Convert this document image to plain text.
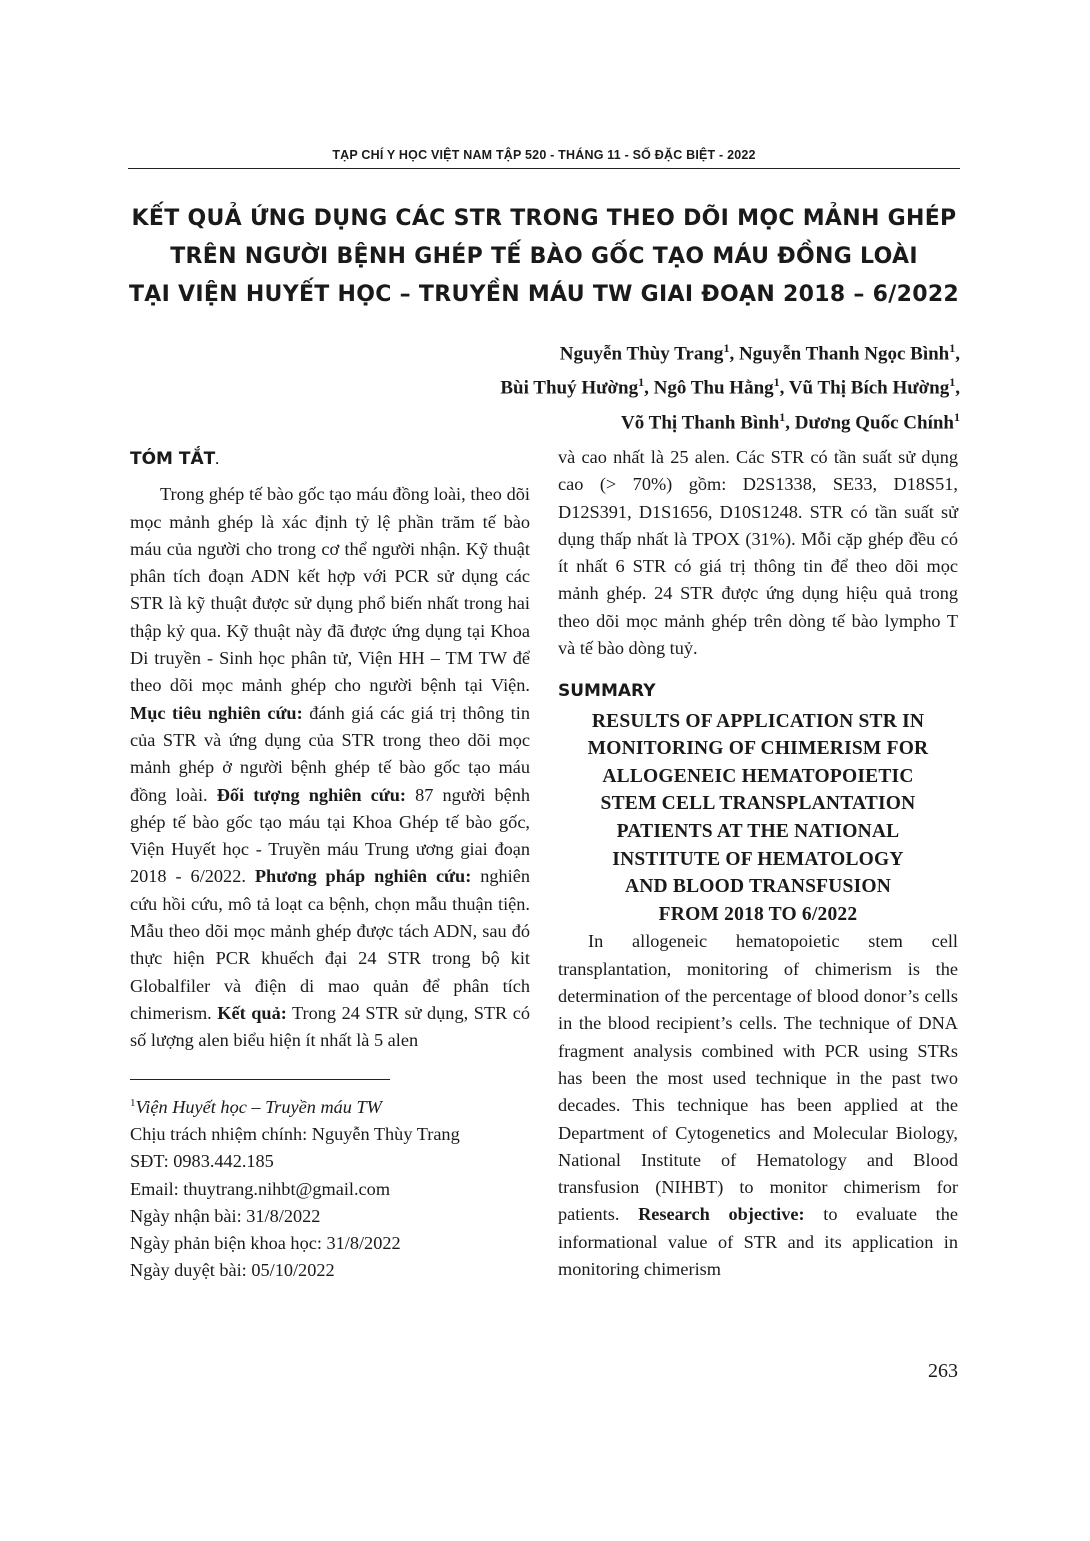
TẠP CHÍ Y HỌC VIỆT NAM TẬP 520 - THÁNG 11 - SỐ ĐẶC BIỆT - 2022
KẾT QUẢ ỨNG DỤNG CÁC STR TRONG THEO DÕI MỌC MẢNH GHÉP
TRÊN NGƯỜI BỆNH GHÉP TẾ BÀO GỐC TẠO MÁU ĐỒNG LOÀI
TẠI VIỆN HUYẾT HỌC – TRUYỀN MÁU TW GIAI ĐOẠN 2018 – 6/2022
Nguyễn Thùy Trang$^1$, Nguyễn Thanh Ngọc Bình$^1$,
Bùi Thuý Hường$^1$, Ngô Thu Hằng$^1$, Vũ Thị Bích Hường$^1$,
Võ Thị Thanh Bình$^1$, Dương Quốc Chính$^1$
TÓM TẮT.

Trong ghép tế bào gốc tạo máu đồng loài, theo dõi mọc mảnh ghép là xác định tỷ lệ phần trăm tế bào máu của người cho trong cơ thể người nhận. Kỹ thuật phân tích đoạn ADN kết hợp với PCR sử dụng các STR là kỹ thuật được sử dụng phổ biến nhất trong hai thập kỷ qua. Kỹ thuật này đã được ứng dụng tại Khoa Di truyền - Sinh học phân tử, Viện HH – TM TW để theo dõi mọc mảnh ghép cho người bệnh tại Viện. Mục tiêu nghiên cứu: đánh giá các giá trị thông tin của STR và ứng dụng của STR trong theo dõi mọc mảnh ghép ở người bệnh ghép tế bào gốc tạo máu đồng loài. Đối tượng nghiên cứu: 87 người bệnh ghép tế bào gốc tạo máu tại Khoa Ghép tế bào gốc, Viện Huyết học - Truyền máu Trung ương giai đoạn 2018 - 6/2022. Phương pháp nghiên cứu: nghiên cứu hồi cứu, mô tả loạt ca bệnh, chọn mẫu thuận tiện. Mẫu theo dõi mọc mảnh ghép được tách ADN, sau đó thực hiện PCR khuếch đại 24 STR trong bộ kit Globalfiler và điện di mao quản để phân tích chimerism. Kết quả: Trong 24 STR sử dụng, STR có số lượng alen biểu hiện ít nhất là 5 alen

$^1$Viện Huyết học – Truyền máu TW
Chịu trách nhiệm chính: Nguyễn Thùy Trang
SĐT: 0983.442.185
Email: thuytrang.nihbt@gmail.com
Ngày nhận bài: 31/8/2022
Ngày phản biện khoa học: 31/8/2022
Ngày duyệt bài: 05/10/2022

và cao nhất là 25 alen. Các STR có tần suất sử dụng cao (> 70%) gồm: D2S1338, SE33, D18S51, D12S391, D1S1656, D10S1248. STR có tần suất sử dụng thấp nhất là TPOX (31%). Mỗi cặp ghép đều có ít nhất 6 STR có giá trị thông tin để theo dõi mọc mảnh ghép. 24 STR được ứng dụng hiệu quả trong theo dõi mọc mảnh ghép trên dòng tế bào lympho T và tế bào dòng tuỷ.

SUMMARY
RESULTS OF APPLICATION STR IN
MONITORING OF CHIMERISM FOR
ALLOGENEIC HEMATOPOIETIC
STEM CELL TRANSPLANTATION
PATIENTS AT THE NATIONAL
INSTITUTE OF HEMATOLOGY
AND BLOOD TRANSFUSION
FROM 2018 TO 6/2022

In allogeneic hematopoietic stem cell transplantation, monitoring of chimerism is the determination of the percentage of blood donor’s cells in the blood recipient’s cells. The technique of DNA fragment analysis combined with PCR using STRs has been the most used technique in the past two decades. This technique has been applied at the Department of Cytogenetics and Molecular Biology, National Institute of Hematology and Blood transfusion (NIHBT) to monitor chimerism for patients. Research objective: to evaluate the informational value of STR and its application in monitoring chimerism

263
